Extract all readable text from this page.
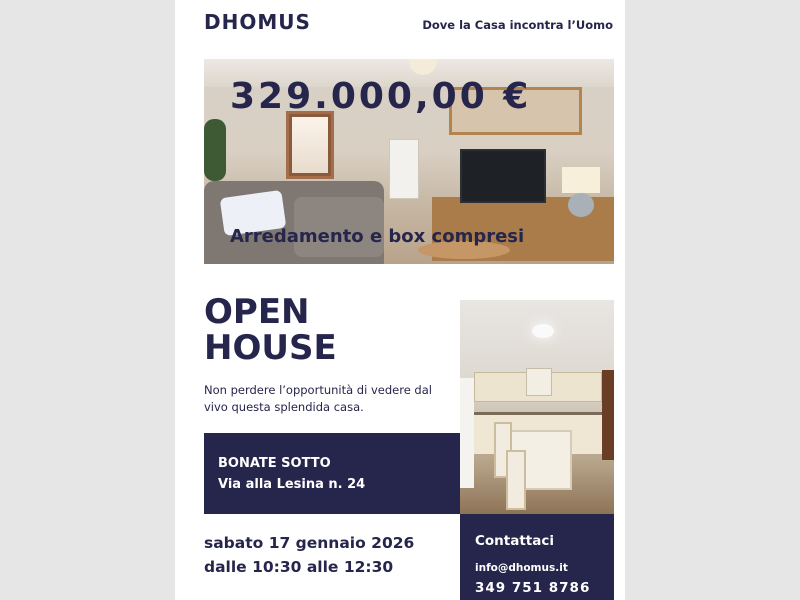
DHOMUS	Dove la Casa incontra l’Uomo
329.000,00 €
Arredamento e box compresi
OPEN HOUSE
Non perdere l’opportunità di vedere dal vivo questa splendida casa.
BONATE SOTTO
Via alla Lesina n. 24
sabato 17 gennaio 2026
dalle 10:30 alle 12:30
Contattaci
info@dhomus.it
349 751 8786
